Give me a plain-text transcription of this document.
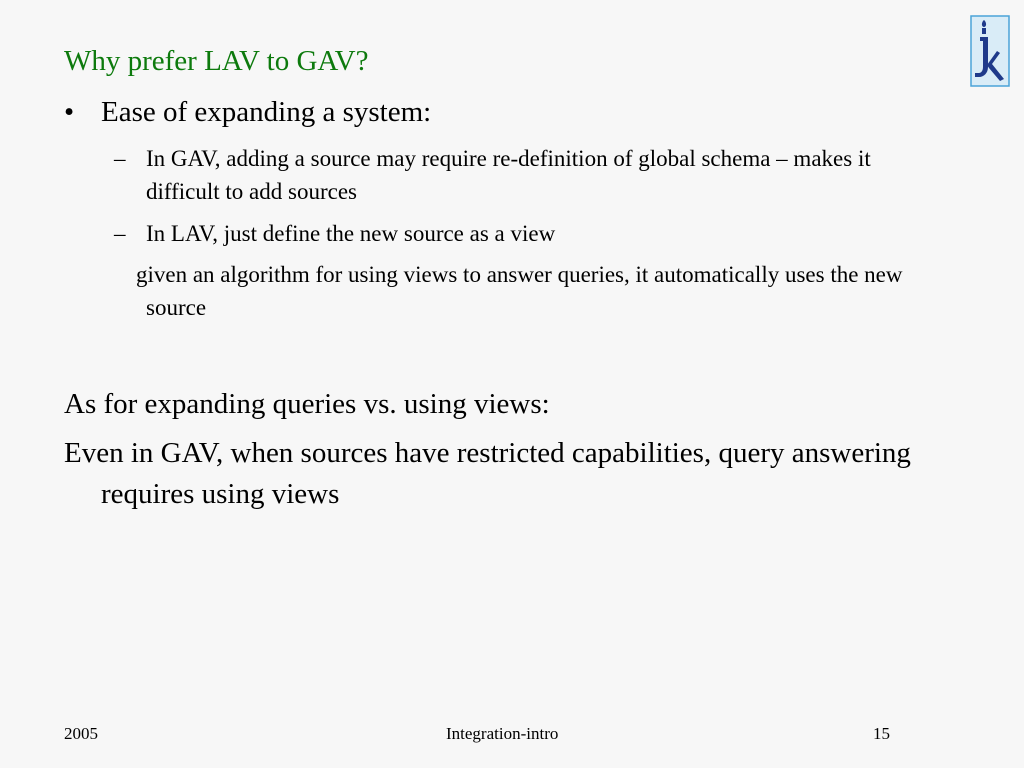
Why prefer LAV to GAV?
• Ease of expanding a system:
– In GAV, adding a source may require re-definition of global schema – makes it difficult to add sources
– In LAV, just define the new source as a view
given an algorithm for using views to answer queries, it automatically uses the new source
As for expanding queries vs. using views:
Even in GAV, when sources have restricted capabilities, query answering requires using views
2005	Integration-intro	15
